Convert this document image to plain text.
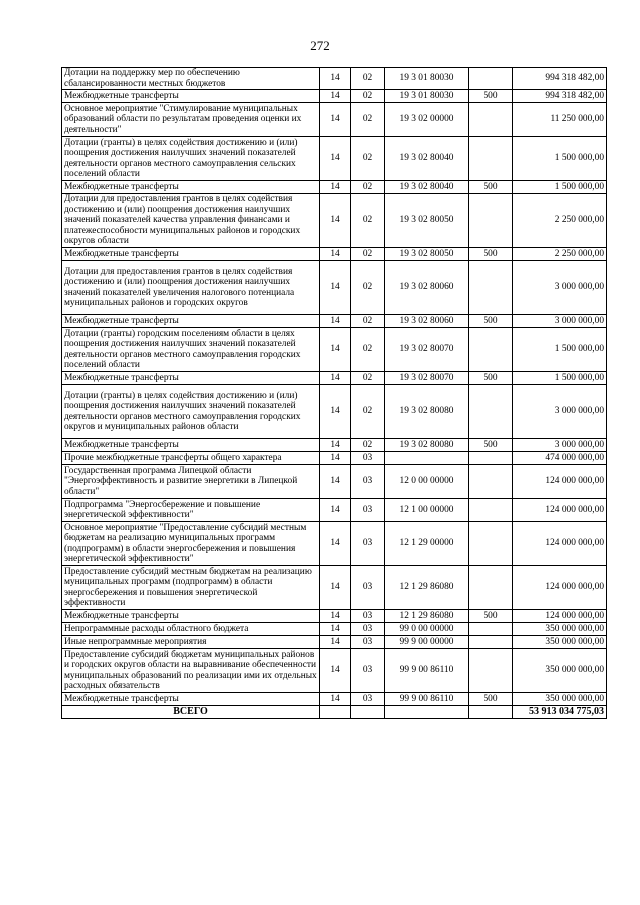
272
Дотации на поддержку мер по обеспечению сбалансированности местных бюджетов	14	02	19 3 01 80030		994 318 482,00
Межбюджетные трансферты	14	02	19 3 01 80030	500	994 318 482,00
Основное мероприятие "Стимулирование муниципальных образований области по результатам проведения оценки их деятельности"	14	02	19 3 02 00000		11 250 000,00
Дотации (гранты) в целях содействия достижению и (или) поощрения достижения наилучших значений показателей деятельности органов местного самоуправления сельских поселений области	14	02	19 3 02 80040		1 500 000,00
Межбюджетные трансферты	14	02	19 3 02 80040	500	1 500 000,00
Дотации для предоставления грантов в целях содействия достижению и (или) поощрения достижения наилучших значений показателей качества управления финансами и платежеспособности муниципальных районов и городских округов области	14	02	19 3 02 80050		2 250 000,00
Межбюджетные трансферты	14	02	19 3 02 80050	500	2 250 000,00
Дотации для предоставления грантов в целях содействия достижению и (или) поощрения достижения наилучших значений показателей увеличения налогового потенциала муниципальных районов и городских округов	14	02	19 3 02 80060		3 000 000,00
Межбюджетные трансферты	14	02	19 3 02 80060	500	3 000 000,00
Дотации (гранты) городским поселениям области в целях поощрения достижения наилучших значений показателей деятельности органов местного самоуправления городских поселений области	14	02	19 3 02 80070		1 500 000,00
Межбюджетные трансферты	14	02	19 3 02 80070	500	1 500 000,00
Дотации (гранты) в целях содействия достижению и (или) поощрения достижения наилучших значений показателей деятельности органов местного самоуправления городских округов и муниципальных районов области	14	02	19 3 02 80080		3 000 000,00
Межбюджетные трансферты	14	02	19 3 02 80080	500	3 000 000,00
Прочие межбюджетные трансферты общего характера	14	03			474 000 000,00
Государственная программа Липецкой области "Энергоэффективность и развитие энергетики в Липецкой области"	14	03	12 0 00 00000		124 000 000,00
Подпрограмма "Энергосбережение и повышение энергетической эффективности"	14	03	12 1 00 00000		124 000 000,00
Основное мероприятие "Предоставление субсидий местным бюджетам на реализацию муниципальных программ (подпрограмм) в области энергосбережения и повышения энергетической эффективности"	14	03	12 1 29 00000		124 000 000,00
Предоставление субсидий местным бюджетам на реализацию муниципальных программ (подпрограмм) в области энергосбережения и повышения энергетической эффективности	14	03	12 1 29 86080		124 000 000,00
Межбюджетные трансферты	14	03	12 1 29 86080	500	124 000 000,00
Непрограммные расходы областного бюджета	14	03	99 0 00 00000		350 000 000,00
Иные непрограммные мероприятия	14	03	99 9 00 00000		350 000 000,00
Предоставление субсидий бюджетам муниципальных районов и городских округов области на выравнивание обеспеченности муниципальных образований по реализации ими их отдельных расходных обязательств	14	03	99 9 00 86110		350 000 000,00
Межбюджетные трансферты	14	03	99 9 00 86110	500	350 000 000,00
ВСЕГО					53 913 034 775,03
